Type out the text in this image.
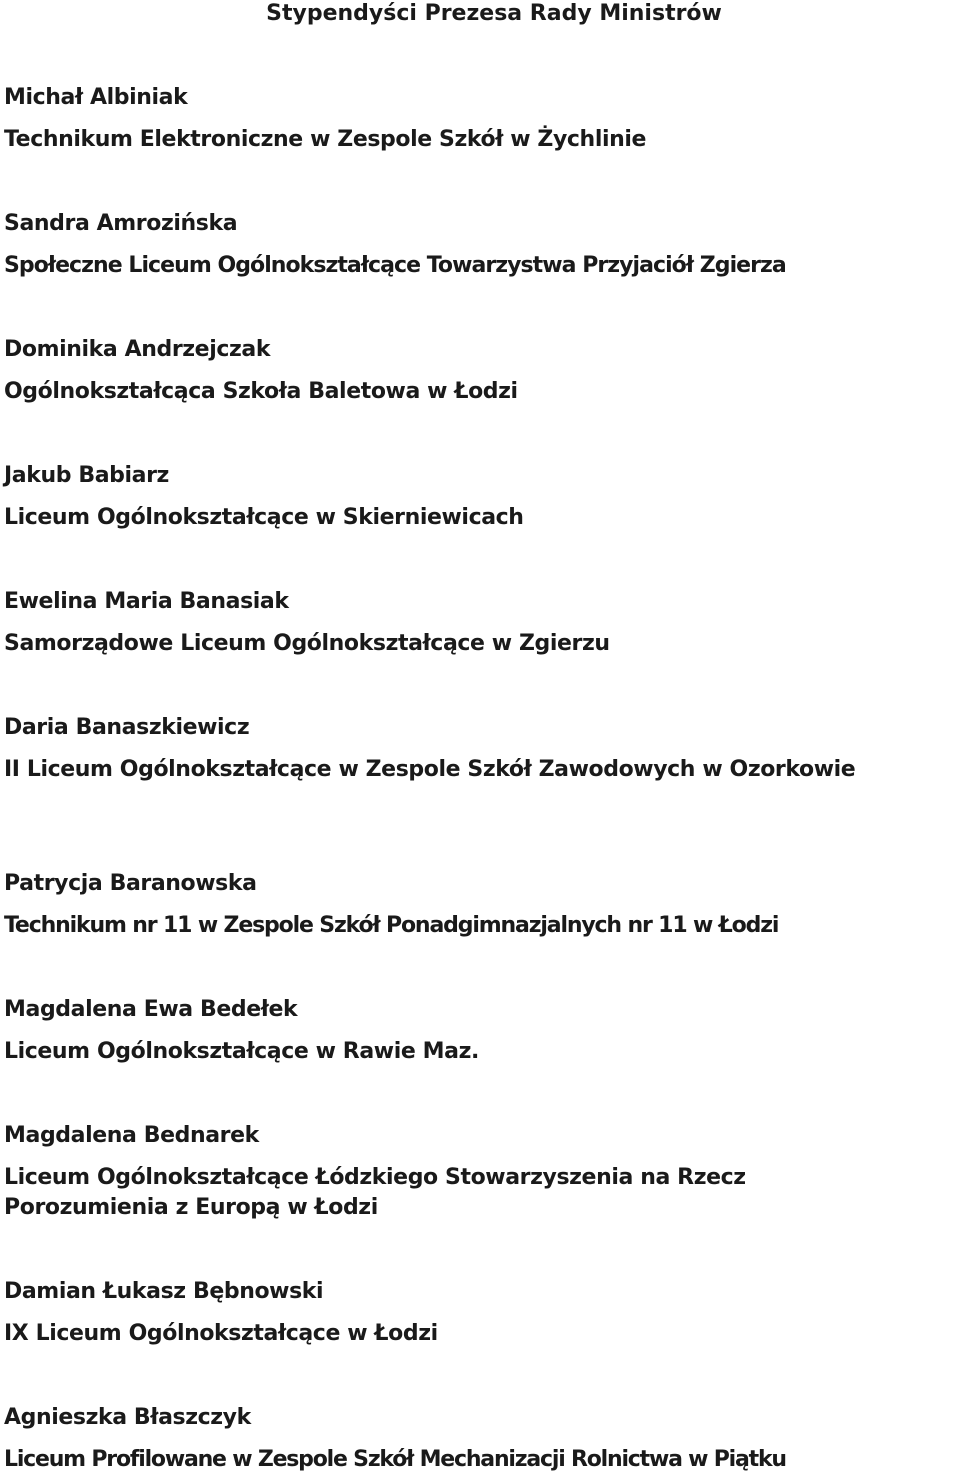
Stypendyści Prezesa Rady Ministrów
Michał Albiniak
Technikum Elektroniczne w Zespole Szkół w Żychlinie
Sandra Amrozińska
Społeczne Liceum Ogólnokształcące Towarzystwa Przyjaciół Zgierza
Dominika Andrzejczak
Ogólnokształcąca Szkoła Baletowa w Łodzi
Jakub Babiarz
Liceum Ogólnokształcące w Skierniewicach
Ewelina Maria Banasiak
Samorządowe Liceum Ogólnokształcące w Zgierzu
Daria Banaszkiewicz
II Liceum Ogólnokształcące w Zespole Szkół Zawodowych w Ozorkowie
Patrycja Baranowska
Technikum nr 11 w Zespole Szkół Ponadgimnazjalnych nr 11 w Łodzi
Magdalena Ewa Bedełek
Liceum Ogólnokształcące w Rawie Maz.
Magdalena Bednarek
Liceum Ogólnokształcące Łódzkiego Stowarzyszenia na Rzecz Porozumienia z Europą w Łodzi
Damian Łukasz Bębnowski
IX Liceum Ogólnokształcące w Łodzi
Agnieszka Błaszczyk
Liceum Profilowane w Zespole Szkół Mechanizacji Rolnictwa w Piątku
